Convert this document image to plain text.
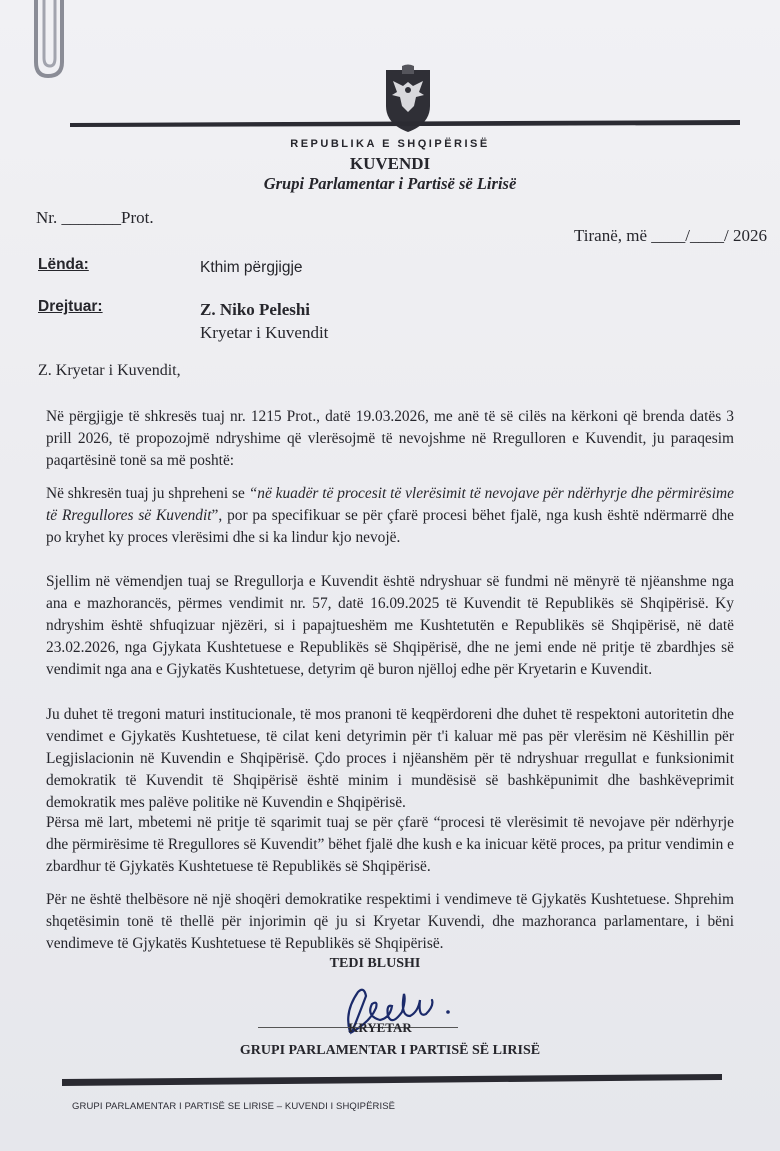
REPUBLIKA E SHQIPËRISË
KUVENDI
Grupi Parlamentar i Partisë së Lirisë
Nr. _______Prot.
Tiranë, më ____/____/ 2026
Lënda:	Kthim përgjigje
Drejtuar:	Z. Niko Peleshi
Kryetar i Kuvendit
Z. Kryetar i Kuvendit,
Në përgjigje të shkresës tuaj nr. 1215 Prot., datë 19.03.2026, me anë të së cilës na kërkoni që brenda datës 3 prill 2026, të propozojmë ndryshime që vlerësojmë të nevojshme në Rregulloren e Kuvendit, ju paraqesim paqartësinë tonë sa më poshtë:
Në shkresën tuaj ju shpreheni se “në kuadër të procesit të vlerësimit të nevojave për ndërhyrje dhe përmirësime të Rregullores së Kuvendit”, por pa specifikuar se për çfarë procesi bëhet fjalë, nga kush është ndërmarrë dhe po kryhet ky proces vlerësimi dhe si ka lindur kjo nevojë.
Sjellim në vëmendjen tuaj se Rregullorja e Kuvendit është ndryshuar së fundmi në mënyrë të njëanshme nga ana e mazhorancës, përmes vendimit nr. 57, datë 16.09.2025 të Kuvendit të Republikës së Shqipërisë. Ky ndryshim është shfuqizuar njëzëri, si i papajtueshëm me Kushtetutën e Republikës së Shqipërisë, në datë 23.02.2026, nga Gjykata Kushtetuese e Republikës së Shqipërisë, dhe ne jemi ende në pritje të zbardhjes së vendimit nga ana e Gjykatës Kushtetuese, detyrim që buron njëlloj edhe për Kryetarin e Kuvendit.
Ju duhet të tregoni maturi institucionale, të mos pranoni të keqpërdoreni dhe duhet të respektoni autoritetin dhe vendimet e Gjykatës Kushtetuese, të cilat keni detyrimin për t'i kaluar më pas për vlerësim në Këshillin për Legjislacionin në Kuvendin e Shqipërisë. Çdo proces i njëanshëm për të ndryshuar rregullat e funksionimit demokratik të Kuvendit të Shqipërisë është minim i mundësisë së bashkëpunimit dhe bashkëveprimit demokratik mes palëve politike në Kuvendin e Shqipërisë.
Përsa më lart, mbetemi në pritje të sqarimit tuaj se për çfarë “procesi të vlerësimit të nevojave për ndërhyrje dhe përmirësime të Rregullores së Kuvendit” bëhet fjalë dhe kush e ka inicuar këtë proces, pa pritur vendimin e zbardhur të Gjykatës Kushtetuese të Republikës së Shqipërisë.
Për ne është thelbësore në një shoqëri demokratike respektimi i vendimeve të Gjykatës Kushtetuese. Shprehim shqetësimin tonë të thellë për injorimin që ju si Kryetar Kuvendi, dhe mazhoranca parlamentare, i bëni vendimeve të Gjykatës Kushtetuese të Republikës së Shqipërisë.
TEDI BLUSHI
KRYETAR
GRUPI PARLAMENTAR I PARTISË SË LIRISË
GRUPI PARLAMENTAR I PARTISË SE LIRISE – KUVENDI I SHQIPËRISË
